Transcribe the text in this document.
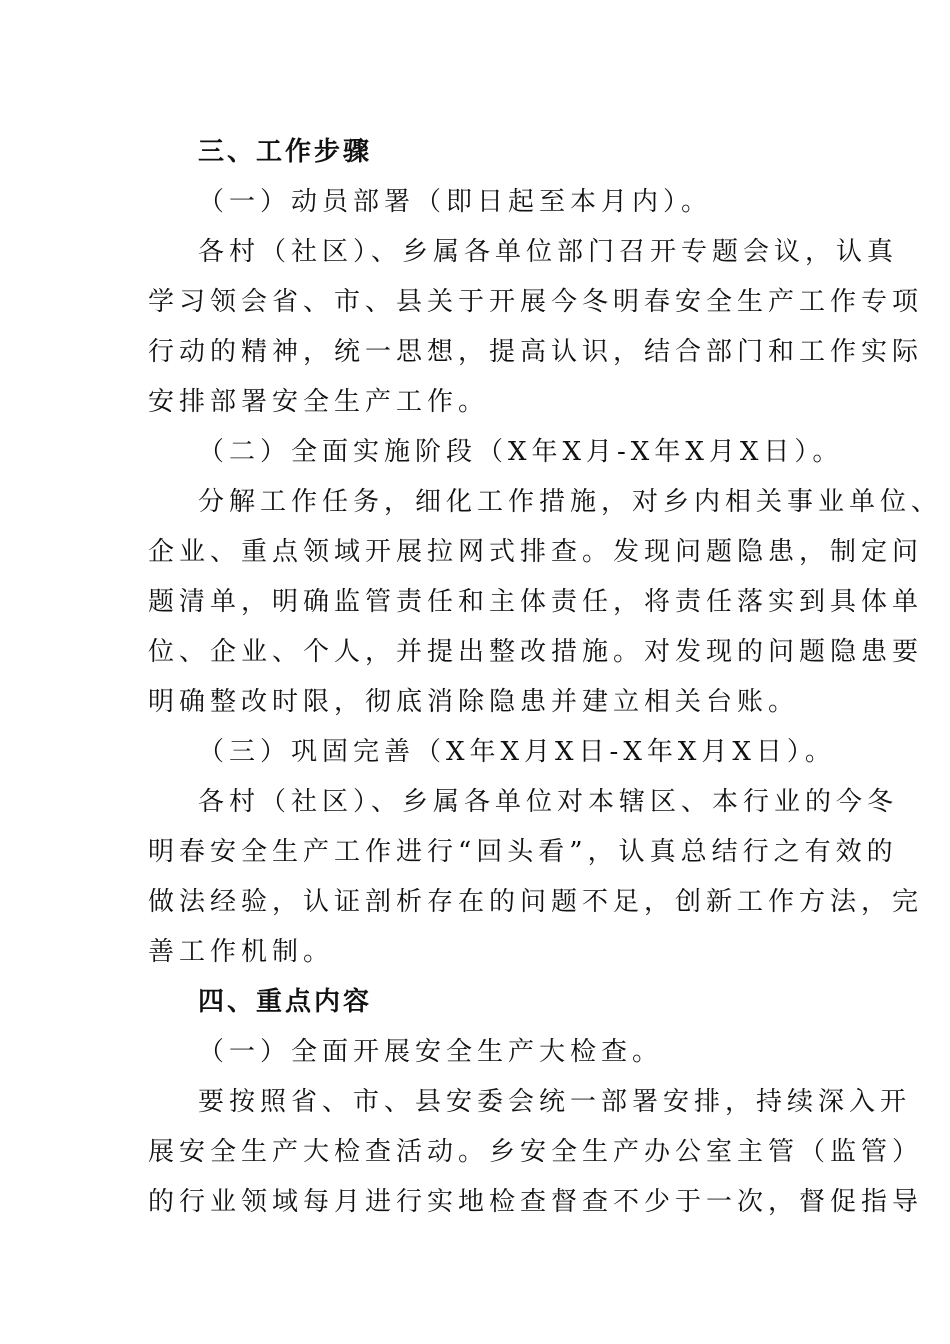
三、工作步骤
（一）动员部署（即日起至本月内）。
各村（社区）、乡属各单位部门召开专题会议，认真
学习领会省、市、县关于开展今冬明春安全生产工作专项
行动的精神，统一思想，提高认识，结合部门和工作实际
安排部署安全生产工作。
（二）全面实施阶段（X年X月-X年X月X日）。
分解工作任务，细化工作措施，对乡内相关事业单位、
企业、重点领域开展拉网式排查。发现问题隐患，制定问
题清单，明确监管责任和主体责任，将责任落实到具体单
位、企业、个人，并提出整改措施。对发现的问题隐患要
明确整改时限，彻底消除隐患并建立相关台账。
（三）巩固完善（X年X月X日-X年X月X日）。
各村（社区）、乡属各单位对本辖区、本行业的今冬
明春安全生产工作进行“回头看”，认真总结行之有效的
做法经验，认证剖析存在的问题不足，创新工作方法，完
善工作机制。
四、重点内容
（一）全面开展安全生产大检查。
要按照省、市、县安委会统一部署安排，持续深入开
展安全生产大检查活动。乡安全生产办公室主管（监管）
的行业领域每月进行实地检查督查不少于一次，督促指导
